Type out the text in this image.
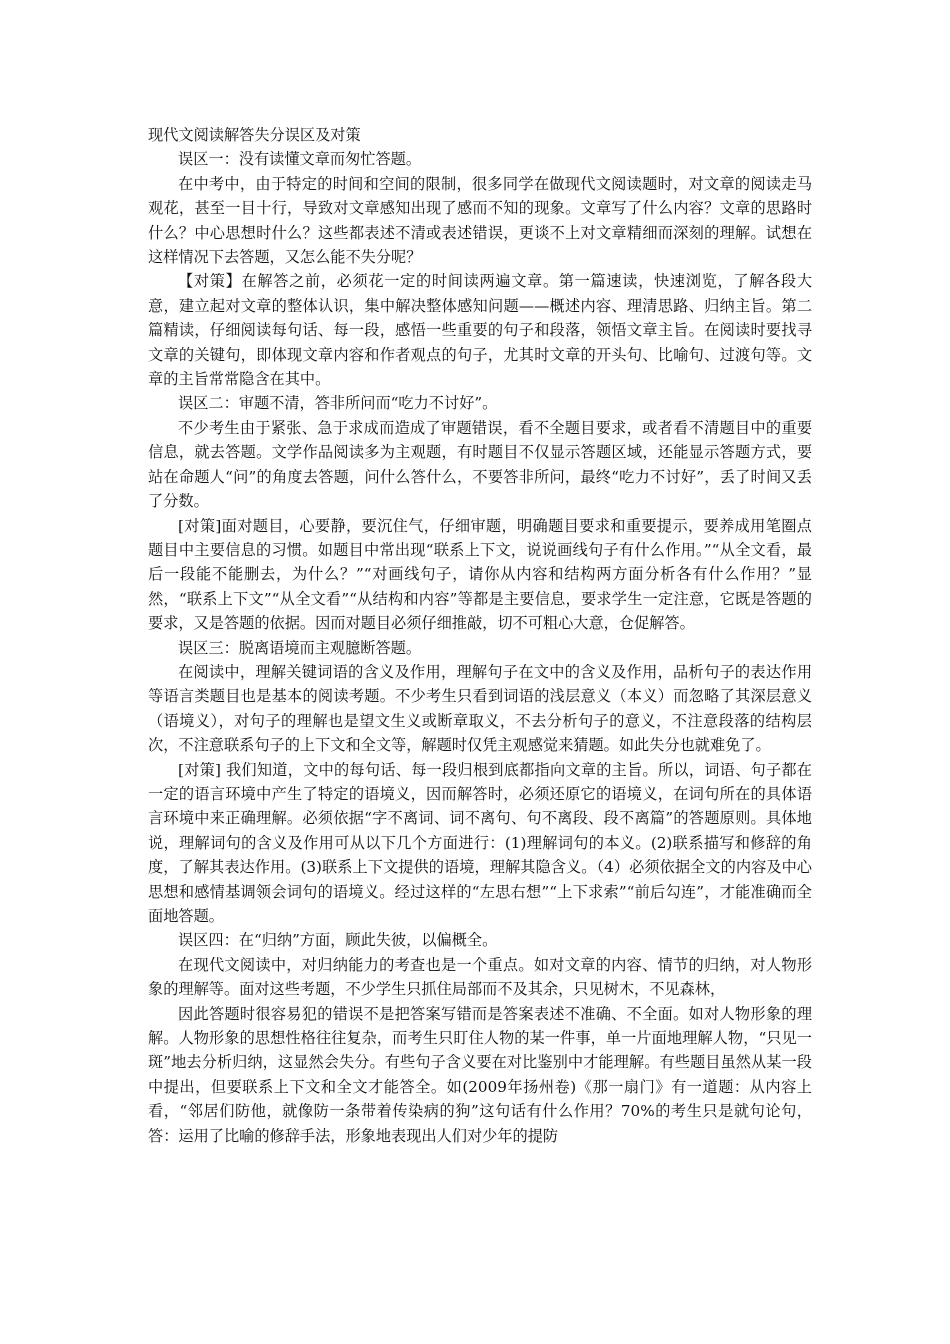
现代文阅读解答失分误区及对策

误区一：没有读懂文章而匆忙答题。

在中考中，由于特定的时间和空间的限制，很多同学在做现代文阅读题时，对文章的阅读走马观花，甚至一目十行，导致对文章感知出现了感而不知的现象。文章写了什么内容？文章的思路时什么？中心思想时什么？这些都表述不清或表述错误，更谈不上对文章精细而深刻的理解。试想在这样情况下去答题，又怎么能不失分呢？

【对策】在解答之前，必须花一定的时间读两遍文章。第一篇速读，快速浏览，了解各段大意，建立起对文章的整体认识，集中解决整体感知问题——概述内容、理清思路、归纳主旨。第二篇精读，仔细阅读每句话、每一段，感悟一些重要的句子和段落，领悟文章主旨。在阅读时要找寻文章的关键句，即体现文章内容和作者观点的句子，尤其时文章的开头句、比喻句、过渡句等。文章的主旨常常隐含在其中。

误区二：审题不清，答非所问而“吃力不讨好”。

不少考生由于紧张、急于求成而造成了审题错误，看不全题目要求，或者看不清题目中的重要信息，就去答题。文学作品阅读多为主观题，有时题目不仅显示答题区域，还能显示答题方式，要站在命题人“问”的角度去答题，问什么答什么，不要答非所问，最终“吃力不讨好”，丢了时间又丢了分数。

[对策]面对题目，心要静，要沉住气，仔细审题，明确题目要求和重要提示，要养成用笔圈点题目中主要信息的习惯。如题目中常出现“联系上下文，说说画线句子有什么作用。”“从全文看，最后一段能不能删去，为什么？”“对画线句子，请你从内容和结构两方面分析各有什么作用？”显然，“联系上下文”“从全文看”“从结构和内容”等都是主要信息，要求学生一定注意，它既是答题的要求，又是答题的依据。因而对题目必须仔细推敲，切不可粗心大意，仓促解答。

误区三：脱离语境而主观臆断答题。

在阅读中，理解关键词语的含义及作用，理解句子在文中的含义及作用，品析句子的表达作用等语言类题目也是基本的阅读考题。不少考生只看到词语的浅层意义（本义）而忽略了其深层意义（语境义），对句子的理解也是望文生义或断章取义，不去分析句子的意义，不注意段落的结构层次，不注意联系句子的上下文和全文等，解题时仅凭主观感觉来猜题。如此失分也就难免了。

[对策] 我们知道，文中的每句话、每一段归根到底都指向文章的主旨。所以，词语、句子都在一定的语言环境中产生了特定的语境义，因而解答时，必须还原它的语境义，在词句所在的具体语言环境中来正确理解。必须依据“字不离词、词不离句、句不离段、段不离篇”的答题原则。具体地说，理解词句的含义及作用可从以下几个方面进行：(1)理解词句的本义。(2)联系描写和修辞的角度，了解其表达作用。(3)联系上下文提供的语境，理解其隐含义。（4）必须依据全文的内容及中心思想和感情基调领会词句的语境义。经过这样的“左思右想”“上下求索”“前后勾连”，才能准确而全面地答题。

误区四：在“归纳”方面，顾此失彼，以偏概全。

在现代文阅读中，对归纳能力的考查也是一个重点。如对文章的内容、情节的归纳，对人物形象的理解等。面对这些考题，不少学生只抓住局部而不及其余，只见树木，不见森林，

因此答题时很容易犯的错误不是把答案写错而是答案表述不准确、不全面。如对人物形象的理解。人物形象的思想性格往往复杂，而考生只盯住人物的某一件事，单一片面地理解人物，“只见一斑”地去分析归纳，这显然会失分。有些句子含义要在对比鉴别中才能理解。有些题目虽然从某一段中提出，但要联系上下文和全文才能答全。如(2009年扬州卷)《那一扇门》有一道题：从内容上看，“邻居们防他，就像防一条带着传染病的狗”这句话有什么作用？70%的考生只是就句论句，答：运用了比喻的修辞手法，形象地表现出人们对少年的提防
